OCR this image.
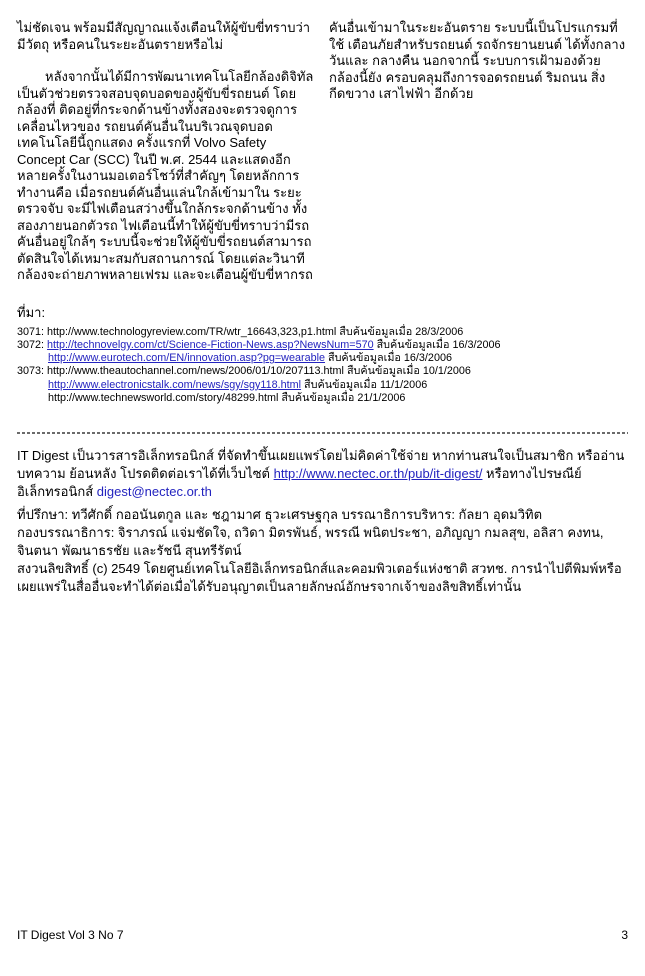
ไม่ชัดเจน พร้อมมีสัญญาณแจ้งเตือนให้ผู้ขับขี่ทราบว่ามีวัตถุ หรือคนในระยะอันตรายหรือไม่

หลังจากนั้นได้มีการพัฒนาเทคโนโลยีกล้องดิจิทัล เป็นตัวช่วยตรวจสอบจุดบอดของผู้ขับขี่รถยนต์ โดยกล้องที่ ติดอยู่ที่กระจกด้านข้างทั้งสองจะตรวจดูการเคลื่อนไหวของ รถยนต์คันอื่นในบริเวณจุดบอด เทคโนโลยีนี้ถูกแสดง ครั้งแรกที่ Volvo Safety Concept Car (SCC) ในปี พ.ศ. 2544 และแสดงอีกหลายครั้งในงานมอเตอร์โชว์ที่สำคัญๆ โดยหลักการทำงานคือ เมื่อรถยนต์คันอื่นแล่นใกล้เข้ามาใน ระยะตรวจจับ จะมีไฟเตือนสว่างขึ้นใกล้กระจกด้านข้าง ทั้งสองภายนอกตัวรถ ไฟเตือนนี้ทำให้ผู้ขับขี่ทราบว่ามีรถ คันอื่นอยู่ใกล้ๆ ระบบนี้จะช่วยให้ผู้ขับขี่รถยนต์สามารถ ตัดสินใจได้เหมาะสมกับสถานการณ์ โดยแต่ละวินาที กล้องจะถ่ายภาพหลายเฟรม และจะเตือนผู้ขับขี่หากรถ

คันอื่นเข้ามาในระยะอันตราย ระบบนี้เป็นโปรแกรมที่ใช้ เตือนภัยสำหรับรถยนต์ รถจักรยานยนต์ ได้ทั้งกลางวันและ กลางคืน นอกจากนี้ ระบบการเฝ้ามองด้วยกล้องนี้ยัง ครอบคลุมถึงการจอดรถยนต์ ริมถนน สิ่งกีดขวาง เสาไฟฟ้า อีกด้วย

ที่มา:
3071: http://www.technologyreview.com/TR/wtr_16643,323,p1.html สืบค้นข้อมูลเมื่อ 28/3/2006
3072: http://technovelgy.com/ct/Science-Fiction-News.asp?NewsNum=570 สืบค้นข้อมูลเมื่อ 16/3/2006
http://www.eurotech.com/EN/innovation.asp?pg=wearable สืบค้นข้อมูลเมื่อ 16/3/2006
3073: http://www.theautochannel.com/news/2006/01/10/207113.html สืบค้นข้อมูลเมื่อ 10/1/2006
http://www.electronicstalk.com/news/sgy/sgy118.html สืบค้นข้อมูลเมื่อ 11/1/2006
http://www.technewsworld.com/story/48299.html สืบค้นข้อมูลเมื่อ 21/1/2006
IT Digest เป็นวารสารอิเล็กทรอนิกส์ ที่จัดทำขึ้นเผยแพร่โดยไม่คิดค่าใช้จ่าย หากท่านสนใจเป็นสมาชิก หรืออ่านบทความ ย้อนหลัง โปรดติดต่อเราได้ที่เว็บไซต์ http://www.nectec.or.th/pub/it-digest/ หรือทางไปรษณีย์อิเล็กทรอนิกส์ digest@nectec.or.th
ที่ปรึกษา: ทวีศักดิ์ กออนันตกูล และ ชฎามาศ ธุวะเศรษฐกุล บรรณาธิการบริหาร: กัลยา อุดมวิทิต
กองบรรณาธิการ: จิราภรณ์ แจ่มชัดใจ, ถวิดา มิตรพันธ์, พรรณี พนิตประชา, อภิญญา กมลสุข, อลิสา คงทน, จินตนา พัฒนาธรชัย และรัชนี สุนทรีรัตน์
สงวนลิขสิทธิ์ (c) 2549 โดยศูนย์เทคโนโลยีอิเล็กทรอนิกส์และคอมพิวเตอร์แห่งชาติ สวทช. การนำไปตีพิมพ์หรือ เผยแพร่ในสื่ออื่นจะทำได้ต่อเมื่อได้รับอนุญาตเป็นลายลักษณ์อักษรจากเจ้าของลิขสิทธิ์เท่านั้น
IT Digest Vol 3 No 7	3
